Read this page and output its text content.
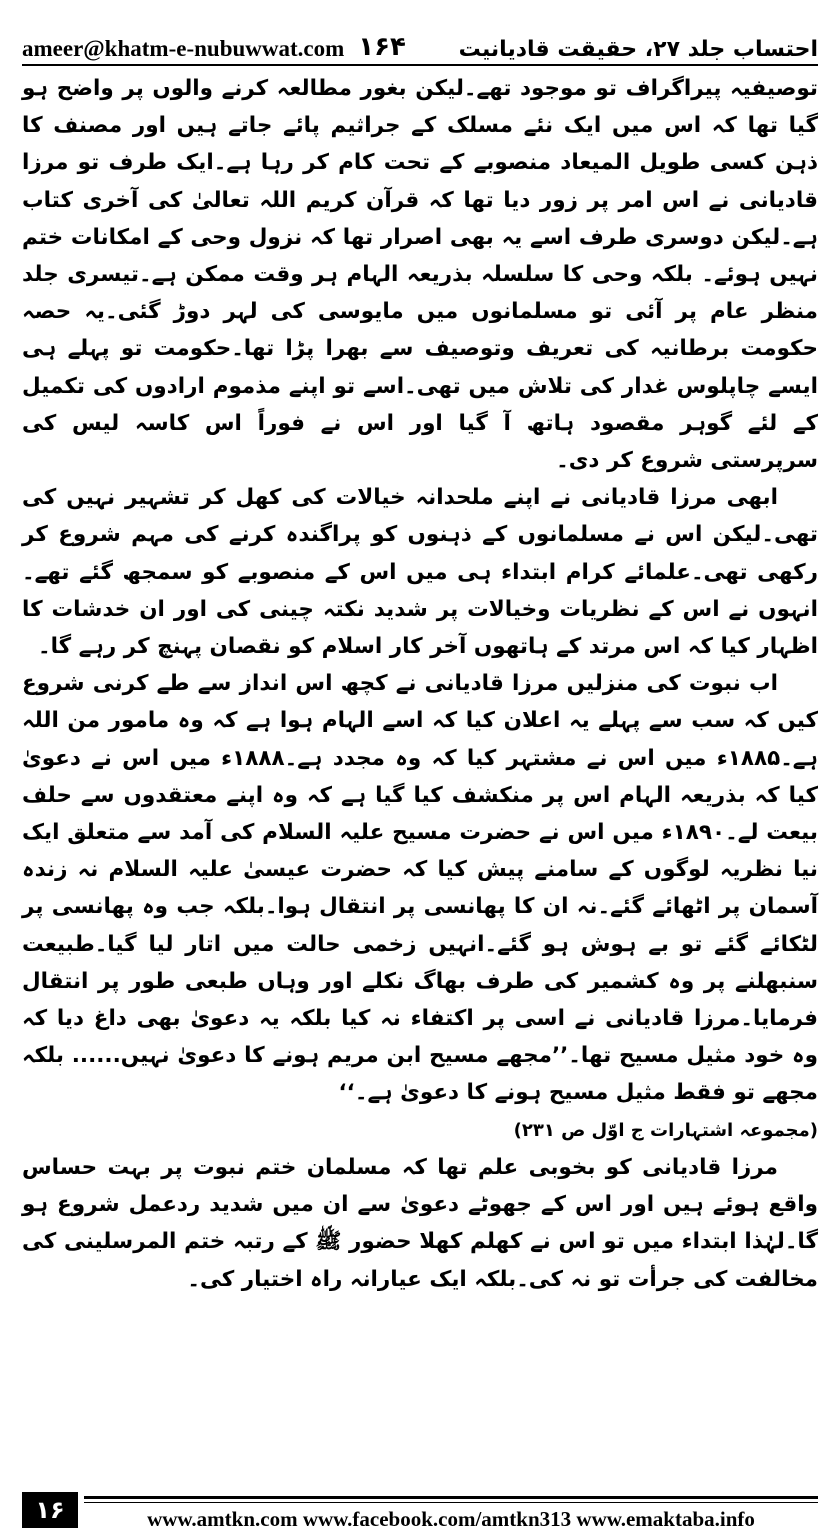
ameer@khatm-e-nubuwwat.com ۱۶۴ احتساب جلد ۲۷، حقیقت قادیانیت

توصیفیہ پیراگراف تو موجود تھے۔لیکن بغور مطالعہ کرنے والوں پر واضح ہو گیا تھا کہ اس میں ایک نئے مسلک کے جراثیم پائے جاتے ہیں اور مصنف کا ذہن کسی طویل المیعاد منصوبے کے تحت کام کر رہا ہے۔ایک طرف تو مرزا قادیانی نے اس امر پر زور دیا تھا کہ قرآن کریم اللہ تعالیٰ کی آخری کتاب ہے۔لیکن دوسری طرف اسے یہ بھی اصرار تھا کہ نزول وحی کے امکانات ختم نہیں ہوئے۔ بلکہ وحی کا سلسلہ بذریعہ الہام ہر وقت ممکن ہے۔تیسری جلد منظر عام پر آئی تو مسلمانوں میں مایوسی کی لہر دوڑ گئی۔یہ حصہ حکومت برطانیہ کی تعریف وتوصیف سے بھرا پڑا تھا۔حکومت تو پہلے ہی ایسے چاپلوس غدار کی تلاش میں تھی۔اسے تو اپنے مذموم ارادوں کی تکمیل کے لئے گوہر مقصود ہاتھ آ گیا اور اس نے فوراً اس کاسہ لیس کی سرپرستی شروع کر دی۔

ابھی مرزا قادیانی نے اپنے ملحدانہ خیالات کی کھل کر تشہیر نہیں کی تھی۔لیکن اس نے مسلمانوں کے ذہنوں کو پراگندہ کرنے کی مہم شروع کر رکھی تھی۔علمائے کرام ابتداء ہی میں اس کے منصوبے کو سمجھ گئے تھے۔انہوں نے اس کے نظریات وخیالات پر شدید نکتہ چینی کی اور ان خدشات کا اظہار کیا کہ اس مرتد کے ہاتھوں آخر کار اسلام کو نقصان پہنچ کر رہے گا۔

اب نبوت کی منزلیں مرزا قادیانی نے کچھ اس انداز سے طے کرنی شروع کیں کہ سب سے پہلے یہ اعلان کیا کہ اسے الہام ہوا ہے کہ وہ مامور من اللہ ہے۔۱۸۸۵ء میں اس نے مشتہر کیا کہ وہ مجدد ہے۔۱۸۸۸ء میں اس نے دعویٰ کیا کہ بذریعہ الہام اس پر منکشف کیا گیا ہے کہ وہ اپنے معتقدوں سے حلف بیعت لے۔۱۸۹۰ء میں اس نے حضرت مسیح علیہ السلام کی آمد سے متعلق ایک نیا نظریہ لوگوں کے سامنے پیش کیا کہ حضرت عیسیٰ علیہ السلام نہ زندہ آسمان پر اٹھائے گئے۔نہ ان کا پھانسی پر انتقال ہوا۔بلکہ جب وہ پھانسی پر لٹکائے گئے تو بے ہوش ہو گئے۔انہیں زخمی حالت میں اتار لیا گیا۔طبیعت سنبھلنے پر وہ کشمیر کی طرف بھاگ نکلے اور وہاں طبعی طور پر انتقال فرمایا۔مرزا قادیانی نے اسی پر اکتفاء نہ کیا بلکہ یہ دعویٰ بھی داغ دیا کہ وہ خود مثیل مسیح تھا۔’’مجھے مسیح ابن مریم ہونے کا دعویٰ نہیں...... بلکہ مجھے تو فقط مثیل مسیح ہونے کا دعویٰ ہے۔‘‘

(مجموعہ اشتہارات ج اوّل ص ۲۳۱)

مرزا قادیانی کو بخوبی علم تھا کہ مسلمان ختم نبوت پر بہت حساس واقع ہوئے ہیں اور اس کے جھوٹے دعویٰ سے ان میں شدید ردعمل شروع ہو گا۔لہٰذا ابتداء میں تو اس نے کھلم کھلا حضور ﷺ کے رتبہ ختم المرسلینی کی مخالفت کی جرأت تو نہ کی۔بلکہ ایک عیارانہ راہ اختیار کی۔

۱۶	www.amtkn.com www.facebook.com/amtkn313 www.emaktaba.info
